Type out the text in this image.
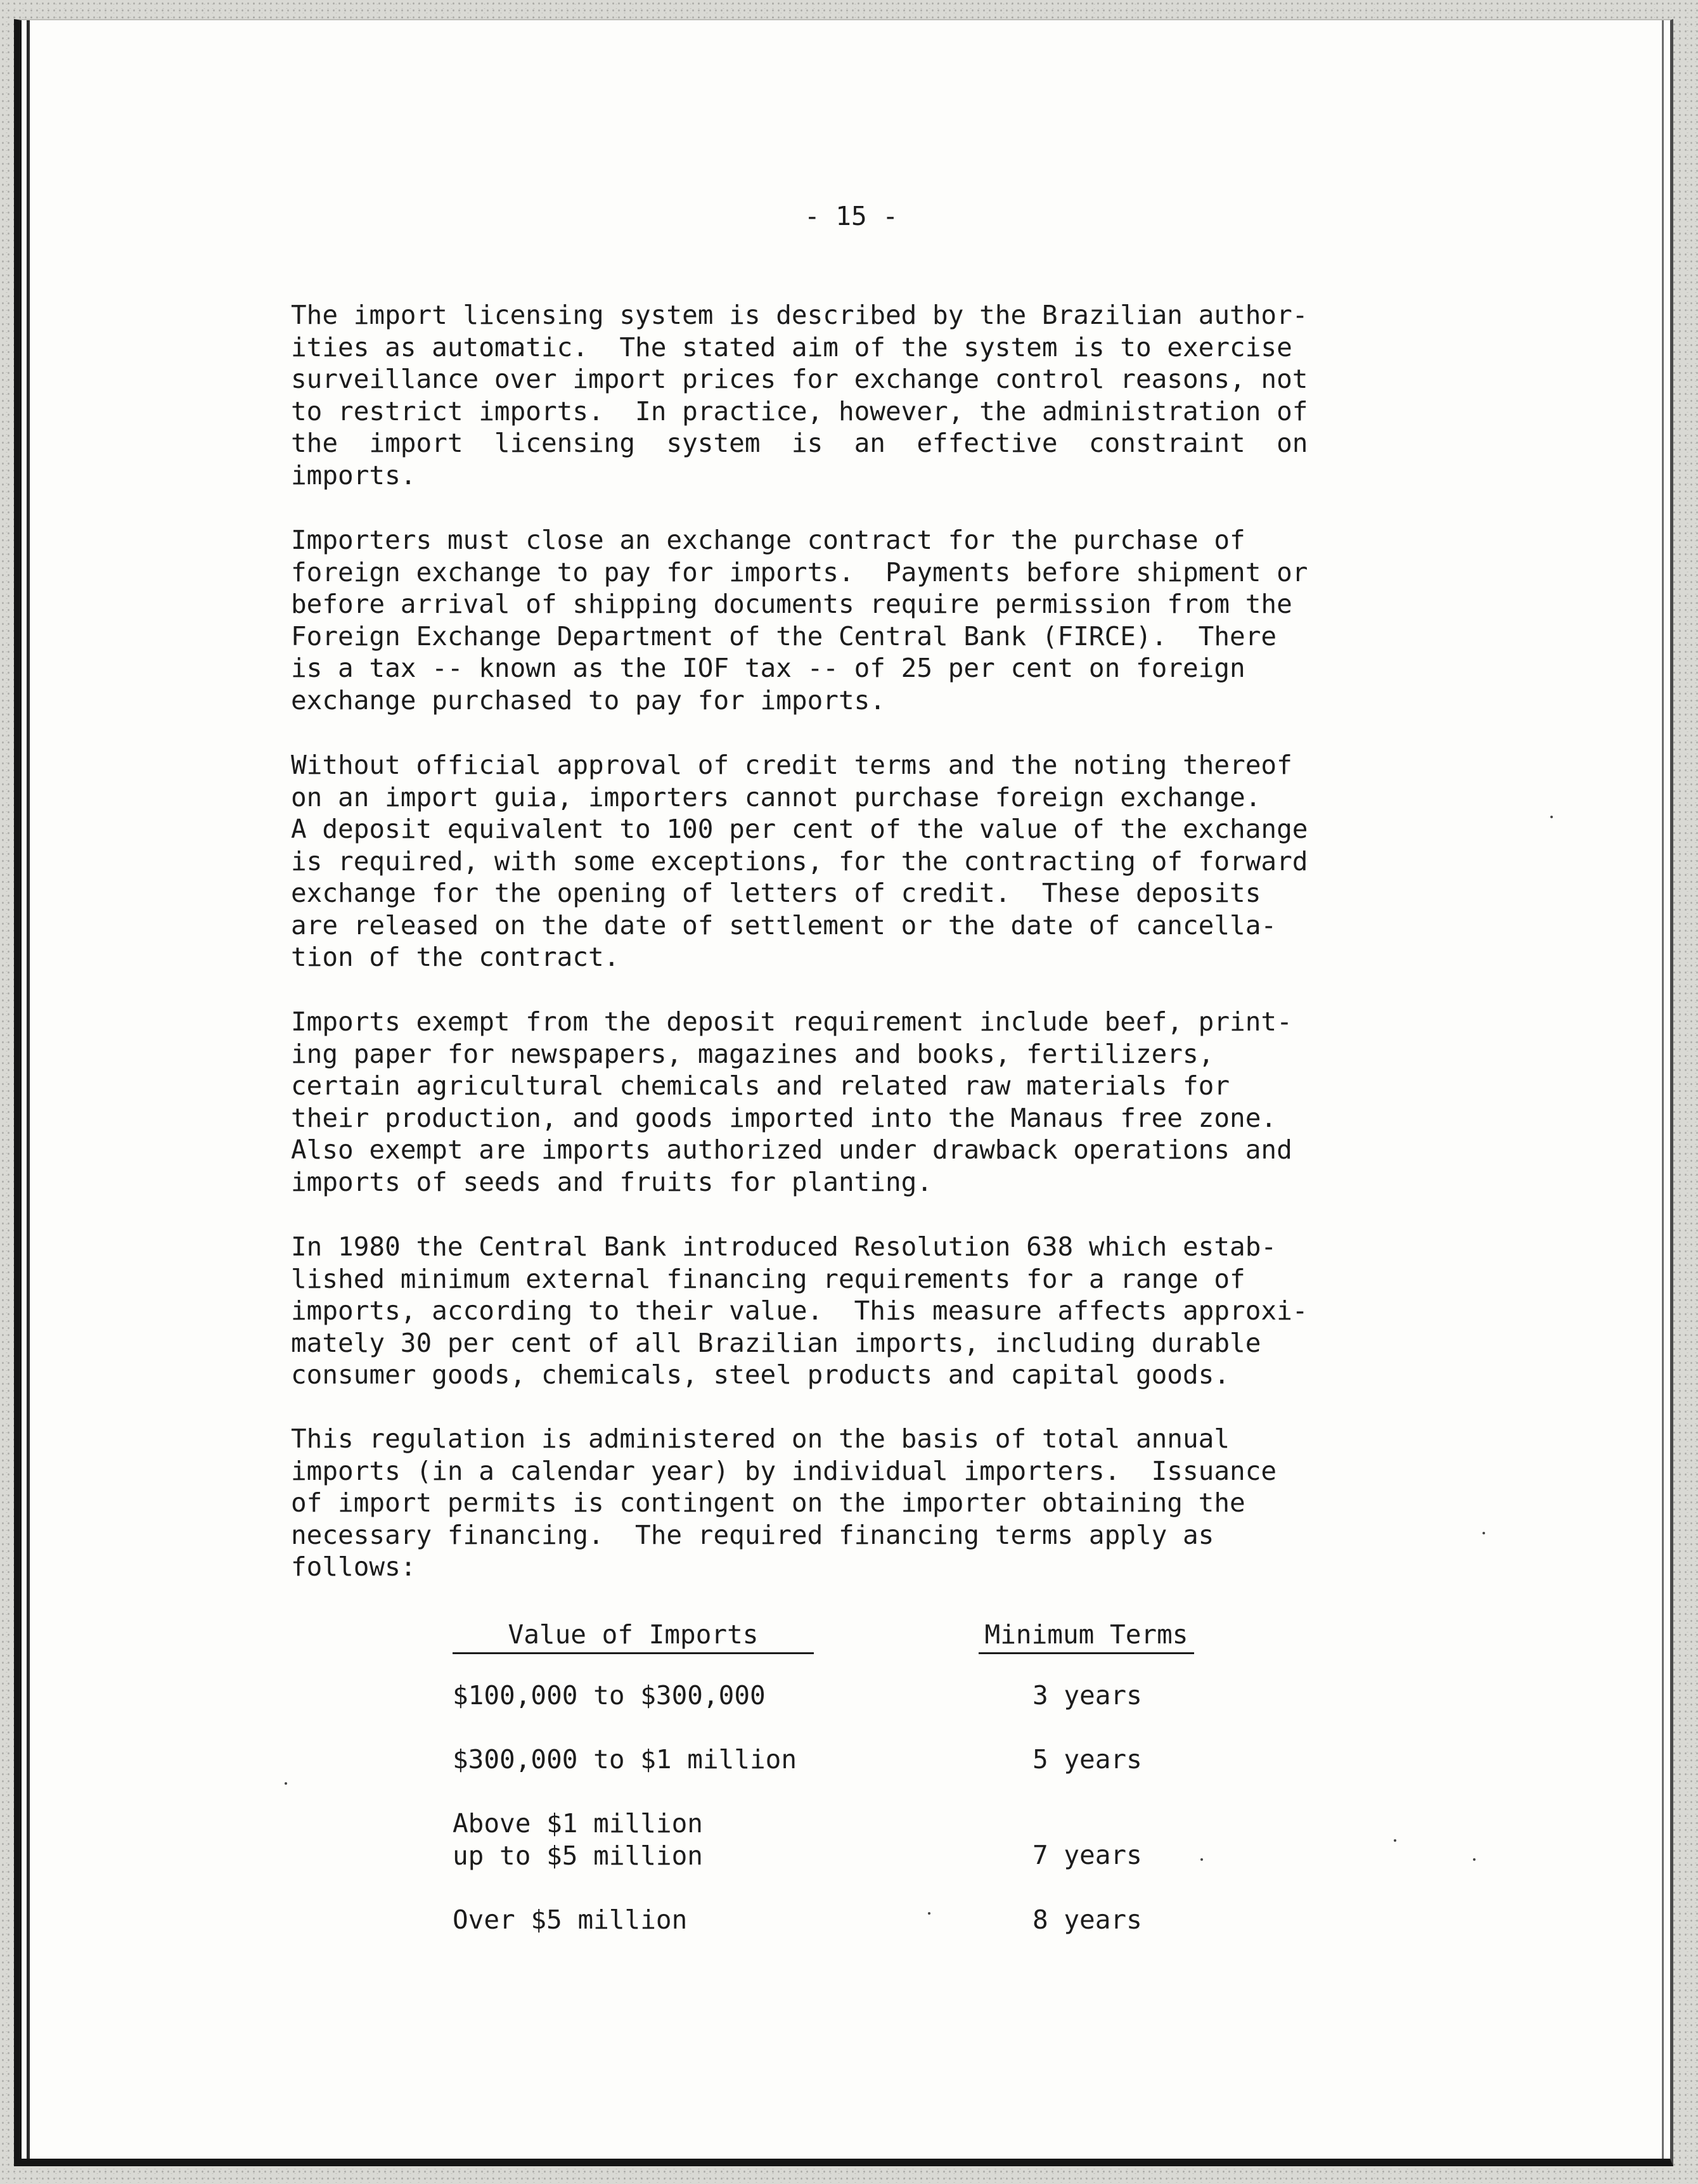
- 15 -

The import licensing system is described by the Brazilian author-
ities as automatic.  The stated aim of the system is to exercise
surveillance over import prices for exchange control reasons, not
to restrict imports.  In practice, however, the administration of
the  import  licensing  system  is  an  effective  constraint  on
imports.

Importers must close an exchange contract for the purchase of
foreign exchange to pay for imports.  Payments before shipment or
before arrival of shipping documents require permission from the
Foreign Exchange Department of the Central Bank (FIRCE).  There
is a tax -- known as the IOF tax -- of 25 per cent on foreign
exchange purchased to pay for imports.

Without official approval of credit terms and the noting thereof
on an import guia, importers cannot purchase foreign exchange.
A deposit equivalent to 100 per cent of the value of the exchange
is required, with some exceptions, for the contracting of forward
exchange for the opening of letters of credit.  These deposits
are released on the date of settlement or the date of cancella-
tion of the contract.

Imports exempt from the deposit requirement include beef, print-
ing paper for newspapers, magazines and books, fertilizers,
certain agricultural chemicals and related raw materials for
their production, and goods imported into the Manaus free zone.
Also exempt are imports authorized under drawback operations and
imports of seeds and fruits for planting.

In 1980 the Central Bank introduced Resolution 638 which estab-
lished minimum external financing requirements for a range of
imports, according to their value.  This measure affects approxi-
mately 30 per cent of all Brazilian imports, including durable
consumer goods, chemicals, steel products and capital goods.

This regulation is administered on the basis of total annual
imports (in a calendar year) by individual importers.  Issuance
of import permits is contingent on the importer obtaining the
necessary financing.  The required financing terms apply as
follows:

Value of Imports	Minimum Terms
$100,000 to $300,000	3 years
$300,000 to $1 million	5 years
Above $1 million
up to $5 million	7 years
Over $5 million	8 years
